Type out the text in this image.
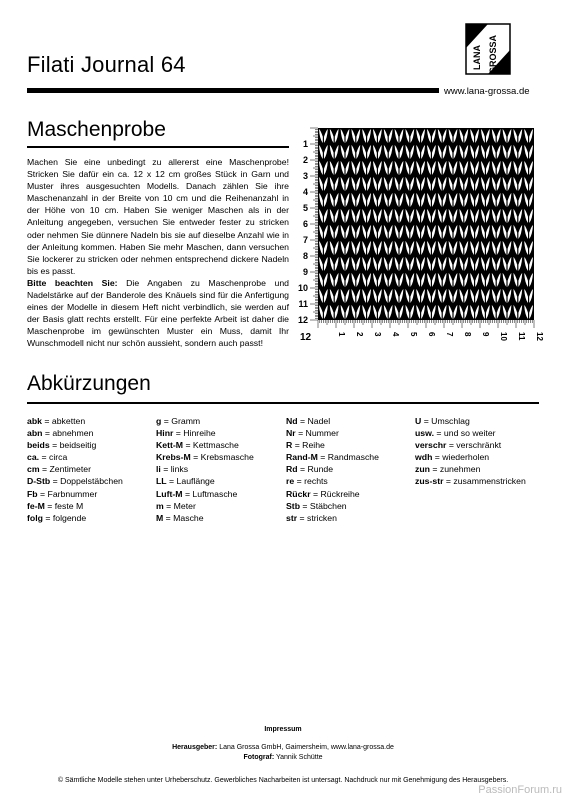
Filati Journal 64
www.lana-grossa.de
LANA GROSSA
Maschenprobe
Machen Sie eine unbedingt zu allererst eine Maschenprobe! Stricken Sie dafür ein ca. 12 x 12 cm großes Stück in Garn und Muster ihres ausgesuchten Modells. Danach zählen Sie ihre Maschenanzahl in der Breite von 10 cm und die Reihenanzahl in der Höhe von 10 cm. Haben Sie weniger Maschen als in der Anleitung angegeben, versuchen Sie entweder fester zu stricken oder nehmen Sie dünnere Nadeln bis sie auf dieselbe Anzahl wie in der Anleitung kommen. Haben Sie mehr Maschen, dann versuchen Sie lockerer zu stricken oder nehmen entsprechend dickere Nadeln bis es passt.
Bitte beachten Sie: Die Angaben zu Maschenprobe und Nadelstärke auf der Banderole des Knäuels sind für die Anfertigung eines der Modelle in diesem Heft nicht verbindlich, sie werden auf der Basis glatt rechts erstellt. Für eine perfekte Arbeit ist daher die Maschenprobe im gewünschten Muster ein Muss, damit Ihr Wunschmodell nicht nur schön aussieht, sondern auch passt!
1
2
3
4
5
6
7
8
9
10
11
12
12	1 2 3 4 5 6 7 8 9 10 11 12
Abkürzungen
abk = abketten
abn = abnehmen
beids = beidseitig
ca. = circa
cm = Zentimeter
D-Stb = Doppelstäbchen
Fb = Farbnummer
fe-M = feste M
folg = folgende
g = Gramm
Hinr = Hinreihe
Kett-M = Kettmasche
Krebs-M = Krebsmasche
li = links
LL = Lauflänge
Luft-M = Luftmasche
m = Meter
M = Masche
Nd = Nadel
Nr = Nummer
R = Reihe
Rand-M = Randmasche
Rd = Runde
re = rechts
Rückr = Rückreihe
Stb = Stäbchen
str = stricken
U = Umschlag
usw. = und so weiter
verschr = verschränkt
wdh = wiederholen
zun = zunehmen
zus-str = zusammenstricken
Impressum
Herausgeber: Lana Grossa GmbH, Gaimersheim, www.lana-grossa.de
Fotograf: Yannik Schütte
© Sämtliche Modelle stehen unter Urheberschutz. Gewerbliches Nacharbeiten ist untersagt. Nachdruck nur mit Genehmigung des Herausgebers.
PassionForum.ru
